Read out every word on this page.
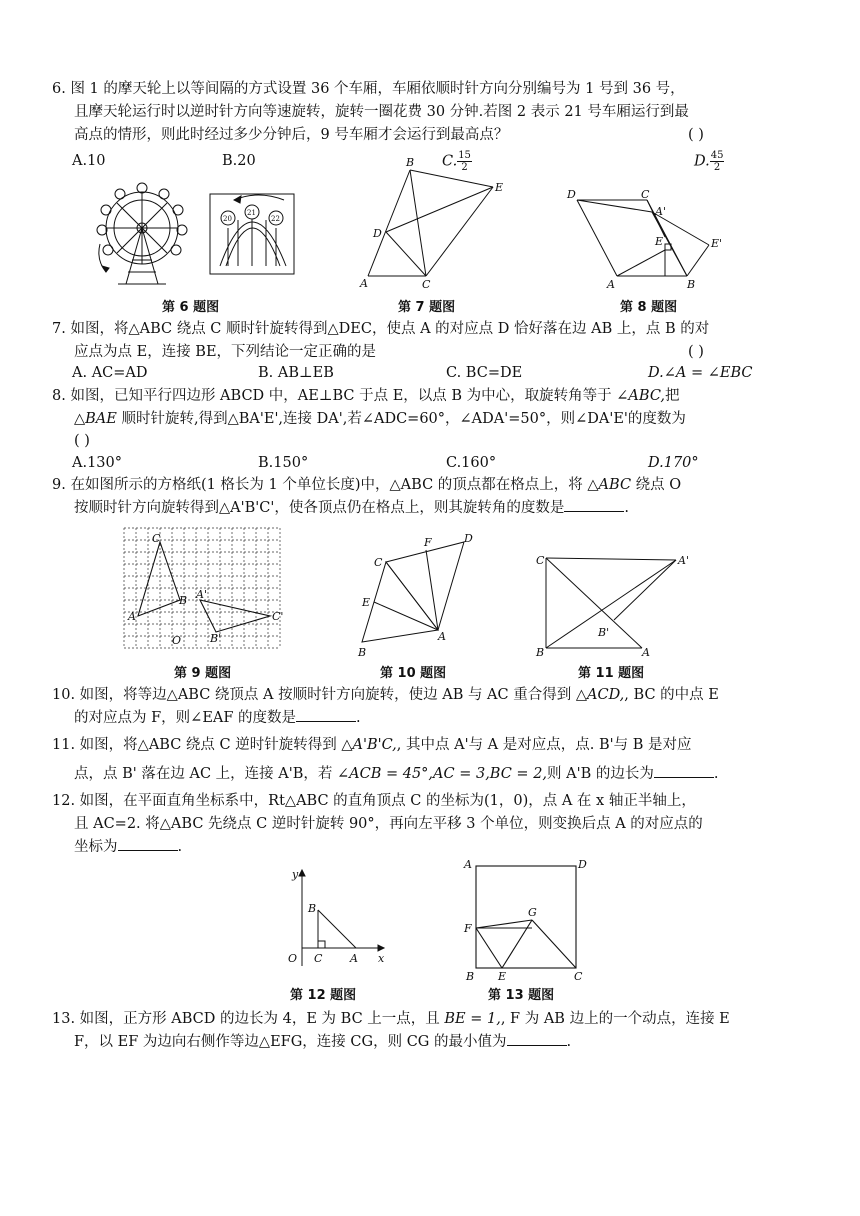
6. 图 1 的摩天轮上以等间隔的方式设置 36 个车厢，车厢依顺时针方向分别编号为 1 号到 36 号，
且摩天轮运行时以逆时针方向等速旋转，旋转一圈花费 30 分钟.若图 2 表示 21 号车厢运行到最
高点的情形，则此时经过多少分钟后，9 号车厢才会运行到最高点？	( )
A.10	B.20	C. $\frac{15}{2}$	D. $\frac{45}{2}$
20
21
22
第 6 题图
B
E
D
A	C
第 7 题图
D	C
A'
E	E'
A	B
第 8 题图
7. 如图，将△ABC 绕点 C 顺时针旋转得到△DEC，使点 A 的对应点 D 恰好落在边 AB 上，点 B 的对
应点为点 E，连接 BE，下列结论一定正确的是	( )
A. AC=AD	B. AB⊥EB	C. BC=DE	D.∠A = ∠EBC
8. 如图，已知平行四边形 ABCD 中，AE⊥BC 于点 E，以点 B 为中心，取旋转角等于 ∠ABC,把
△BAE 顺时针旋转,得到△BA'E',连接 DA',若∠ADC=60°，∠ADA'=50°，则∠DA'E'的度数为
( )
A.130°	B.150°	C.160°	D.170°
9. 在如图所示的方格纸(1 格长为 1 个单位长度)中，△ABC 的顶点都在格点上，将 △ABC 绕点 O
按顺时针方向旋转得到△A'B'C'，使各顶点仍在格点上，则其旋转角的度数是	.
C
B
A
A'
O	B'
C'
第 9 题图
F	D
C
E
A
B
第 10 题图
C	A'
B'
B	A
第 11 题图
10. 如图，将等边△ABC 绕顶点 A 按顺时针方向旋转，使边 AB 与 AC 重合得到 △ACD,, BC 的中点 E
的对应点为 F，则∠EAF 的度数是	.
11. 如图，将△ABC 绕点 C 逆时针旋转得到 △A'B'C,, 其中点 A'与 A 是对应点，点. B'与 B 是对应
点，点 B' 落在边 AC 上，连接 A'B，若 ∠ACB = 45°,AC = 3,BC = 2,则 A'B 的边长为	.
12. 如图，在平面直角坐标系中，Rt△ABC 的直角顶点 C 的坐标为(1，0)，点 A 在 x 轴正半轴上，
且 AC=2. 将△ABC 先绕点 C 逆时针旋转 90°，再向左平移 3 个单位，则变换后点 A 的对应点的
坐标为	.
y
B
O C	A x
第 12 题图
A	D
F
G
B E	C
第 13 题图
13. 如图，正方形 ABCD 的边长为 4，E 为 BC 上一点，且 BE = 1,, F 为 AB 边上的一个动点，连接 E
F，以 EF 为边向右侧作等边△EFG，连接 CG，则 CG 的最小值为	.
